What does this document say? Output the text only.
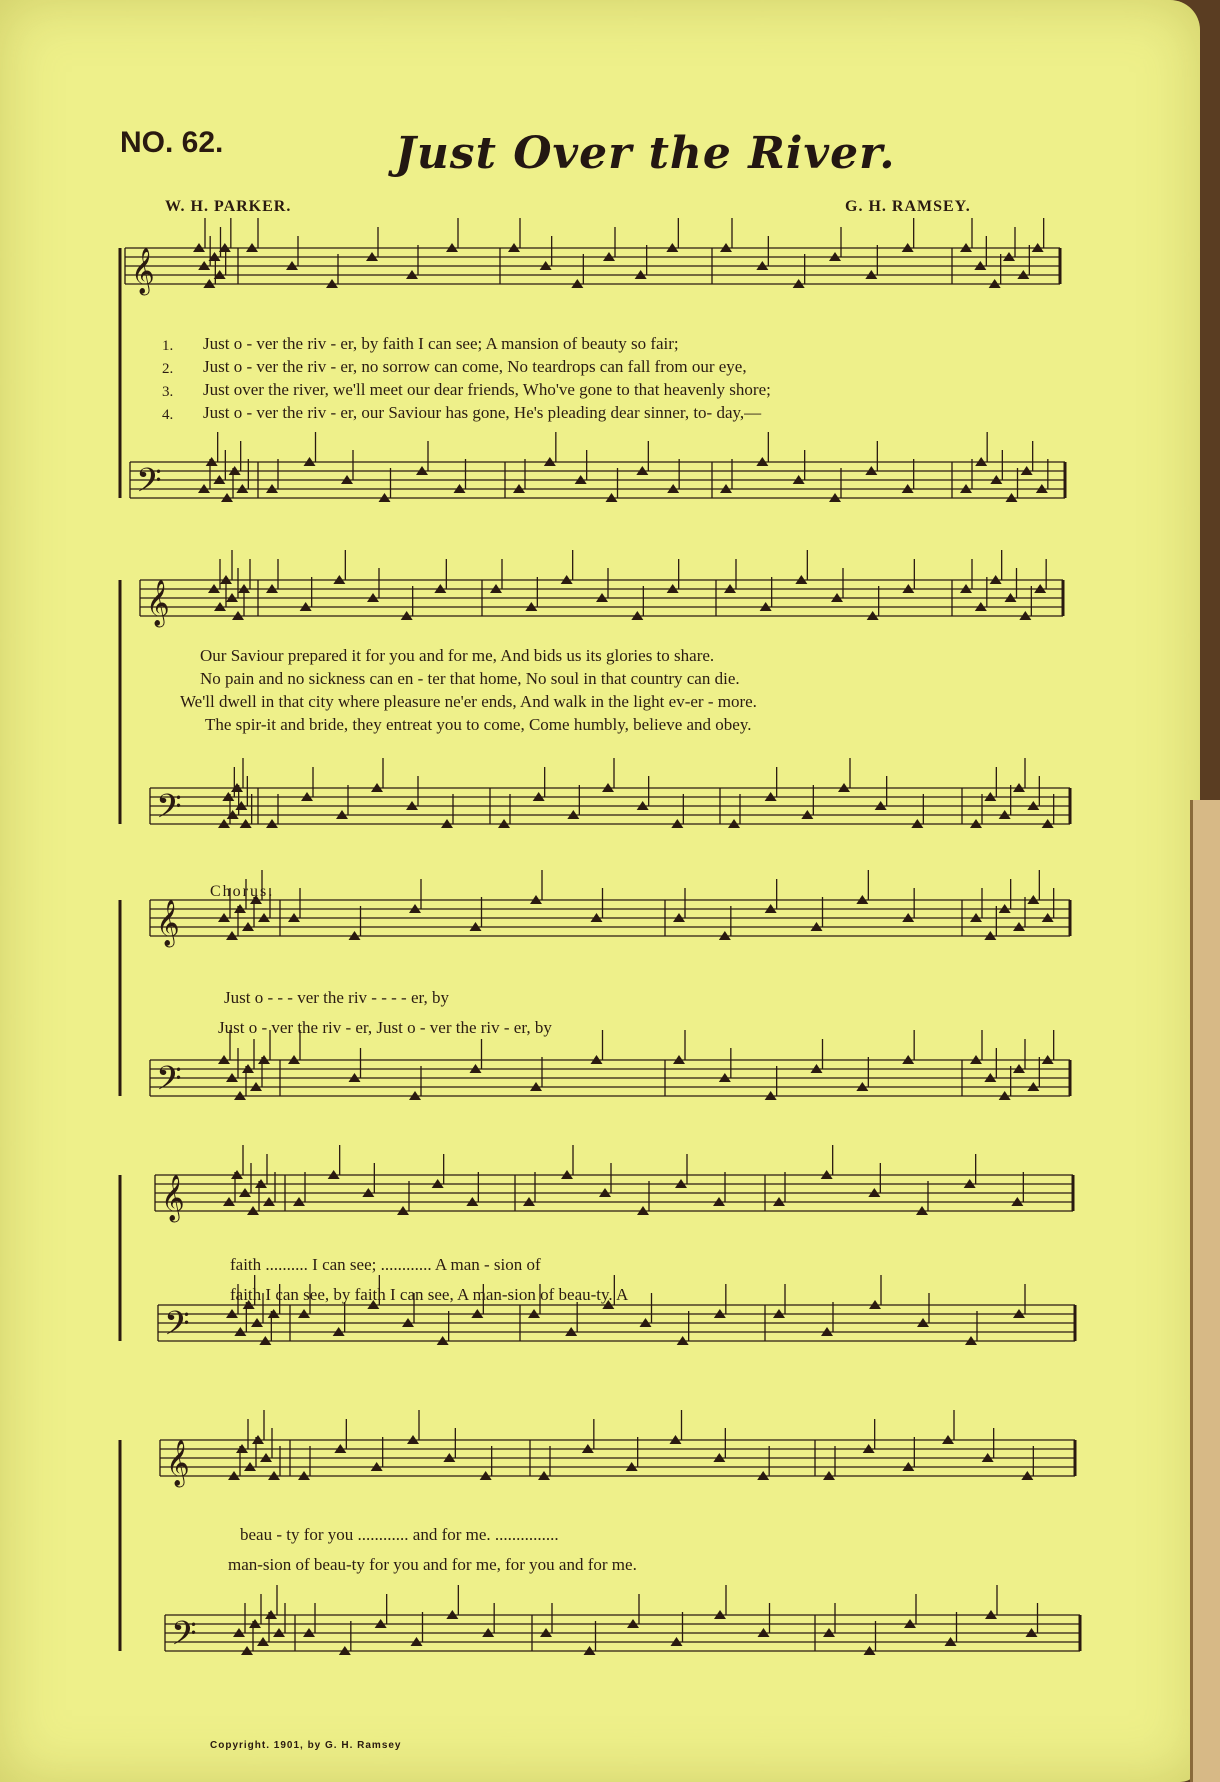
NO. 62.	Just Over the River.
W. H. PARKER.	G. H. RAMSEY.
𝄞
𝄢
𝄞
𝄢
𝄞
𝄢
𝄞
𝄢
𝄞
𝄢
1.
2.
3.
4.
Just o - ver the riv - er, by faith I can see; A mansion of beauty so fair;
Just o - ver the riv - er, no sorrow can come, No teardrops can fall from our eye,
Just over the river, we'll meet our dear friends, Who've gone to that heavenly shore;
Just o - ver the riv - er, our Saviour has gone, He's pleading dear sinner, to- day,—
Our Saviour prepared it for you and for me, And bids us its glories to share.
No pain and no sickness can en - ter that home, No soul in that country can die.
We'll dwell in that city where pleasure ne'er ends, And walk in the light ev-er - more.
The spir-it and bride, they entreat you to come, Come humbly, believe and obey.
Chorus.
Just o - - - ver the riv - - - - er, by
Just o - ver the riv - er, Just o - ver the riv - er, by
faith .......... I can see; ............ A man - sion of
faith I can see, by faith I can see, A man-sion of beau-ty. A
beau - ty for you ............ and for me. ...............
man-sion of beau-ty for you and for me, for you and for me.
Copyright. 1901, by G. H. Ramsey
